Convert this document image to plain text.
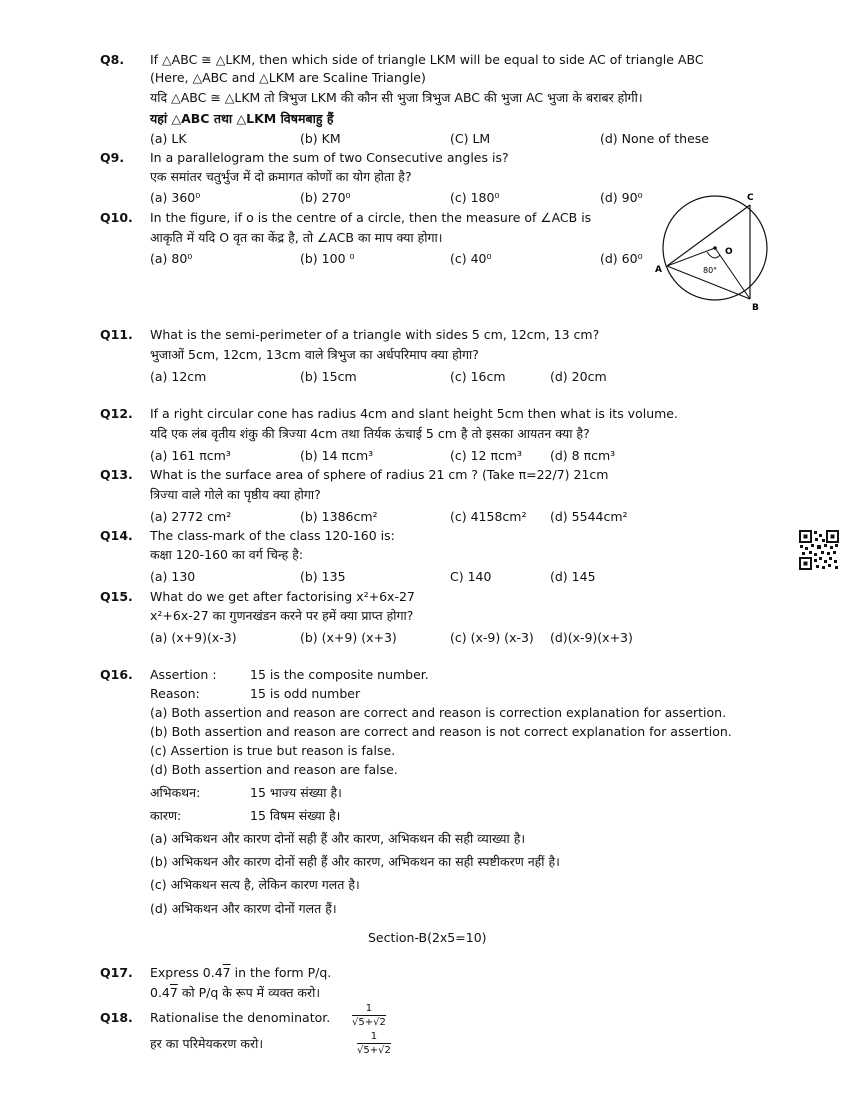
Q8. If △ABC ≅ △LKM, then which side of triangle LKM will be equal to side AC of triangle ABC
(Here, △ABC and △LKM are Scaline Triangle)
यदि △ABC ≅ △LKM तो त्रिभुज LKM की कौन सी भुजा त्रिभुज ABC की भुजा AC भुजा के बराबर होगी।
यहां △ABC तथा △LKM विषमबाहु हैं
(a) LK	(b) KM	(C) LM	(d) None of these
Q9. In a parallelogram the sum of two Consecutive angles is?
एक समांतर चतुर्भुज में दो क्रमागत कोणों का योग होता है?
(a) 360⁰	(b) 270⁰	(c) 180⁰	(d) 90⁰
Q10. In the figure, if o is the centre of a circle, then the measure of ∠ACB is
आकृति में यदि O वृत का केंद्र है, तो ∠ACB का माप क्या होगा।
(a) 80⁰	(b) 100 ⁰	(c) 40⁰	(d) 60⁰
A
B
C
O
80°
Q11. What is the semi-perimeter of a triangle with sides 5 cm, 12cm, 13 cm?
भुजाओं 5cm, 12cm, 13cm वाले त्रिभुज का अर्धपरिमाप क्या होगा?
(a) 12cm	(b) 15cm	(c) 16cm	(d) 20cm
Q12. If a right circular cone has radius 4cm and slant height 5cm then what is its volume.
यदि एक लंब वृतीय शंकु की त्रिज्या 4cm तथा तिर्यक ऊंचाई 5 cm है तो इसका आयतन क्या है?
(a) 161 πcm³	(b) 14 πcm³	(c) 12 πcm³ (d) 8 πcm³
Q13. What is the surface area of sphere of radius 21 cm ? (Take π=22/7) 21cm
त्रिज्या वाले गोले का पृष्ठीय क्या होगा?
(a) 2772 cm²	(b) 1386cm²	(c) 4158cm² (d) 5544cm²
Q14. The class-mark of the class 120-160 is:
कक्षा 120-160 का वर्ग चिन्ह है:
(a) 130	(b) 135	C) 140	(d) 145
Q15. What do we get after factorising x²+6x-27
x²+6x-27 का गुणनखंडन करने पर हमें क्या प्राप्त होगा?
(a) (x+9)(x-3)	(b) (x+9) (x+3)	(c) (x-9) (x-3) (d)(x-9)(x+3)
Q16. Assertion :	15 is the composite number.
Reason:	15 is odd number
(a) Both assertion and reason are correct and reason is correction explanation for assertion.
(b) Both assertion and reason are correct and reason is not correct explanation for assertion.
(c) Assertion is true but reason is false.
(d) Both assertion and reason are false.
अभिकथन:	15 भाज्य संख्या है।
कारण:	15 विषम संख्या है।
(a) अभिकथन और कारण दोनों सही हैं और कारण, अभिकथन की सही व्याख्या है।
(b) अभिकथन और कारण दोनों सही हैं और कारण, अभिकथन का सही स्पष्टीकरण नहीं है।
(c) अभिकथन सत्य है, लेकिन कारण गलत है।
(d) अभिकथन और कारण दोनों गलत हैं।
Section-B(2x5=10)
Q17. Express 0.47 in the form P/q.
0.47 को P/q के रूप में व्यक्त करो।
Q18. Rationalise the denominator. $\frac{1}{√5+√2}$
हर का परिमेयकरण करो।	$\frac{1}{√5+√2}$
